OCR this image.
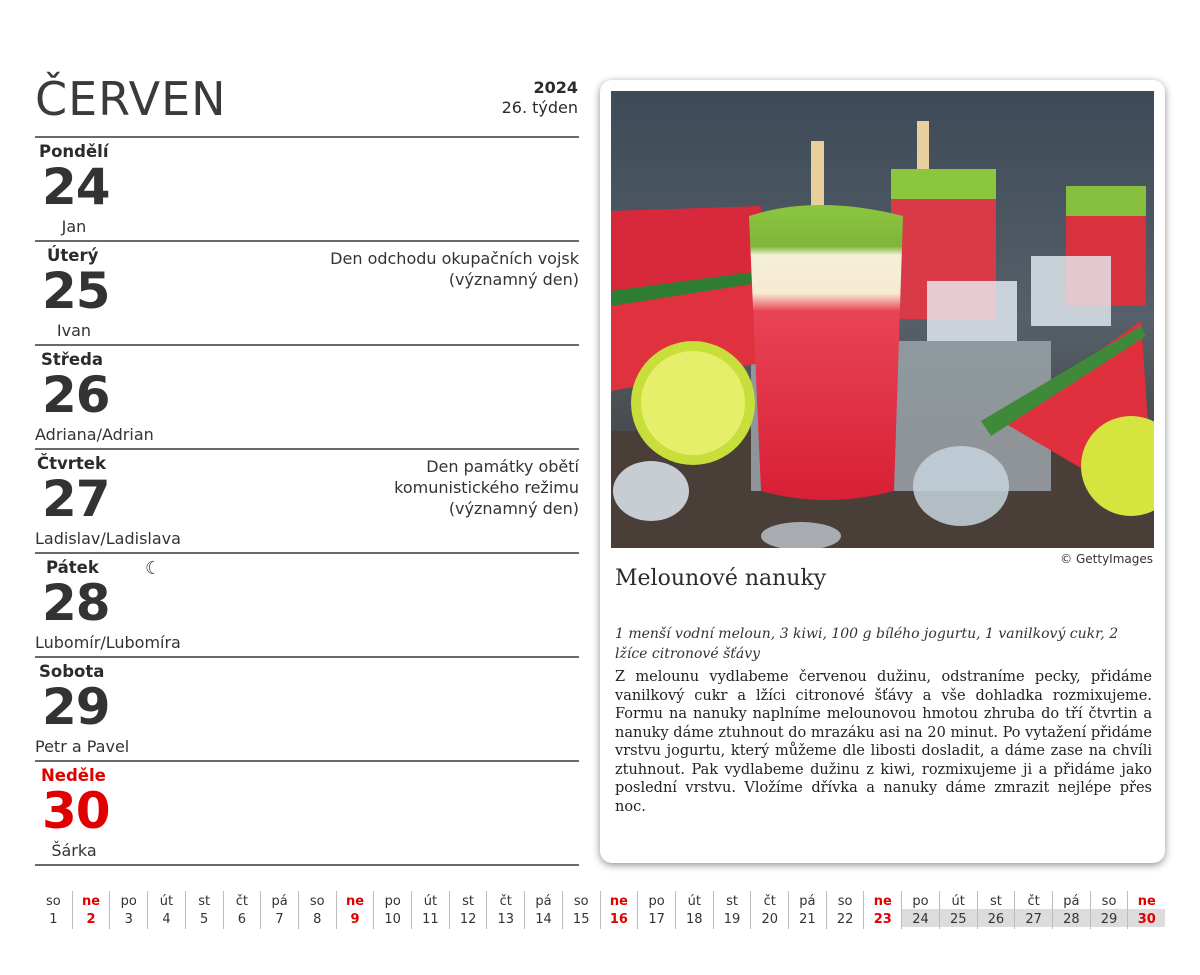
ČERVEN	2024
26. týden
Pondělí
24
Jan
Úterý
25
Ivan
Den odchodu okupačních vojsk
(významný den)
Středa
26
Adriana/Adrian
Čtvrtek
27
Ladislav/Ladislava
Den památky obětí
komunistického režimu
(významný den)
Pátek	☾
28
Lubomír/Lubomíra
Sobota
29
Petr a Pavel
Neděle
30
Šárka
© GettyImages
Melounové nanuky
1 menší vodní meloun, 3 kiwi, 100 g bílého jogurtu, 1 vanilkový cukr, 2 lžíce citronové šťávy
Z melounu vydlabeme červenou dužinu, odstraníme pecky, přidáme vanilkový cukr a lžíci citronové šťávy a vše dohladka rozmixujeme. Formu na nanuky naplníme melounovou hmotou zhruba do tří čtvrtin a nanuky dáme ztuhnout do mrazáku asi na 20 minut. Po vytažení přidáme vrstvu jogurtu, který můžeme dle libosti dosladit, a dáme zase na chvíli ztuhnout. Pak vydlabeme dužinu z kiwi, rozmixujeme ji a přidáme jako poslední vrstvu. Vložíme dřívka a nanuky dáme zmrazit nejlépe přes noc.
so
1
ne
2
po
3
út
4
st
5
čt
6
pá
7
so
8
ne
9
po
10
út
11
st
12
čt
13
pá
14
so
15
ne
16
po
17
út
18
st
19
čt
20
pá
21
so
22
ne
23
po
24
út
25
st
26
čt
27
pá
28
so
29
ne
30
